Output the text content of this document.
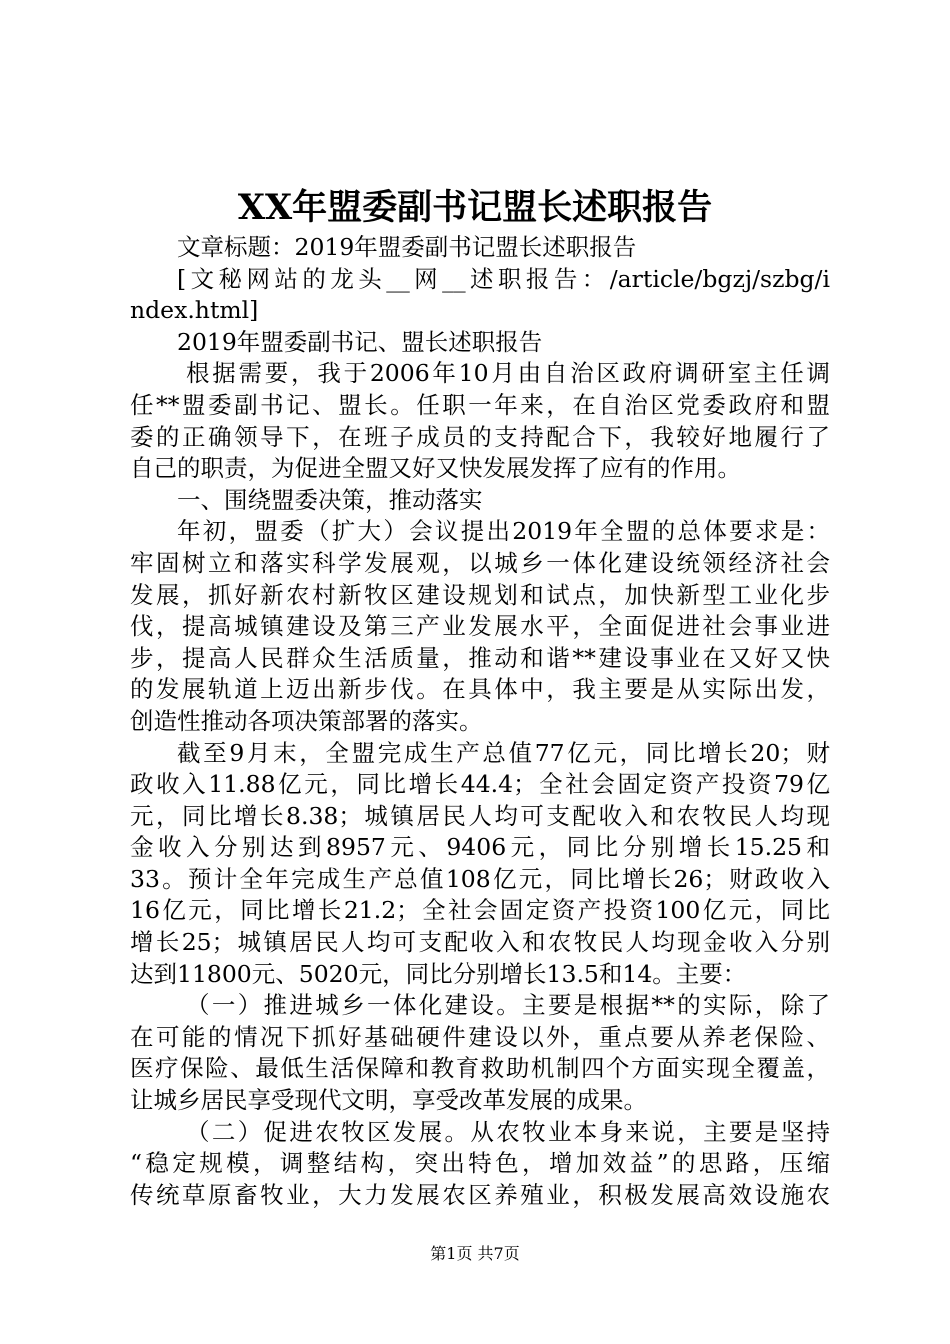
XX年盟委副书记盟长述职报告
文章标题：2019年盟委副书记盟长述职报告
[文秘网站的龙头__网__述职报告：/article/bgzj/szbg/i
ndex.html]
2019年盟委副书记、盟长述职报告
根据需要，我于2006年10月由自治区政府调研室主任调
任**盟委副书记、盟长。任职一年来，在自治区党委政府和盟
委的正确领导下，在班子成员的支持配合下，我较好地履行了
自己的职责，为促进全盟又好又快发展发挥了应有的作用。
一、围绕盟委决策，推动落实
年初，盟委（扩大）会议提出2019年全盟的总体要求是：
牢固树立和落实科学发展观，以城乡一体化建设统领经济社会
发展，抓好新农村新牧区建设规划和试点，加快新型工业化步
伐，提高城镇建设及第三产业发展水平，全面促进社会事业进
步，提高人民群众生活质量，推动和谐**建设事业在又好又快
的发展轨道上迈出新步伐。在具体中，我主要是从实际出发，
创造性推动各项决策部署的落实。
截至9月末，全盟完成生产总值77亿元，同比增长20；财
政收入11.88亿元，同比增长44.4；全社会固定资产投资79亿
元，同比增长8.38；城镇居民人均可支配收入和农牧民人均现
金收入分别达到8957元、9406元，同比分别增长15.25和
33。预计全年完成生产总值108亿元，同比增长26；财政收入
16亿元，同比增长21.2；全社会固定资产投资100亿元，同比
增长25；城镇居民人均可支配收入和农牧民人均现金收入分别
达到11800元、5020元，同比分别增长13.5和14。主要：
（一）推进城乡一体化建设。主要是根据**的实际，除了
在可能的情况下抓好基础硬件建设以外，重点要从养老保险、
医疗保险、最低生活保障和教育救助机制四个方面实现全覆盖，
让城乡居民享受现代文明，享受改革发展的成果。
（二）促进农牧区发展。从农牧业本身来说，主要是坚持
“稳定规模，调整结构，突出特色，增加效益”的思路，压缩
传统草原畜牧业，大力发展农区养殖业，积极发展高效设施农
第1页 共7页
